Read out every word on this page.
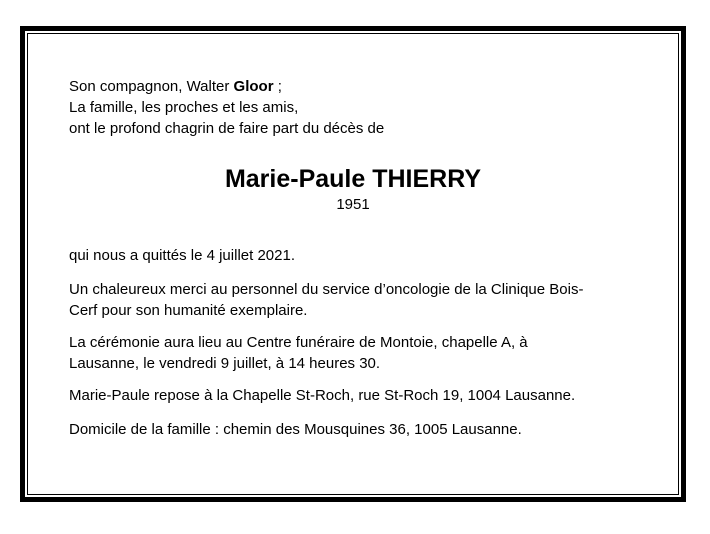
Son compagnon, Walter Gloor ;
La famille, les proches et les amis,
ont le profond chagrin de faire part du décès de
Marie-Paule THIERRY
1951
qui nous a quittés le 4 juillet 2021.
Un chaleureux merci au personnel du service d’oncologie de la Clinique Bois-
Cerf pour son humanité exemplaire.
La cérémonie aura lieu au Centre funéraire de Montoie, chapelle A, à
Lausanne, le vendredi 9 juillet, à 14 heures 30.
Marie-Paule repose à la Chapelle St-Roch, rue St-Roch 19, 1004 Lausanne.
Domicile de la famille : chemin des Mousquines 36, 1005 Lausanne.
